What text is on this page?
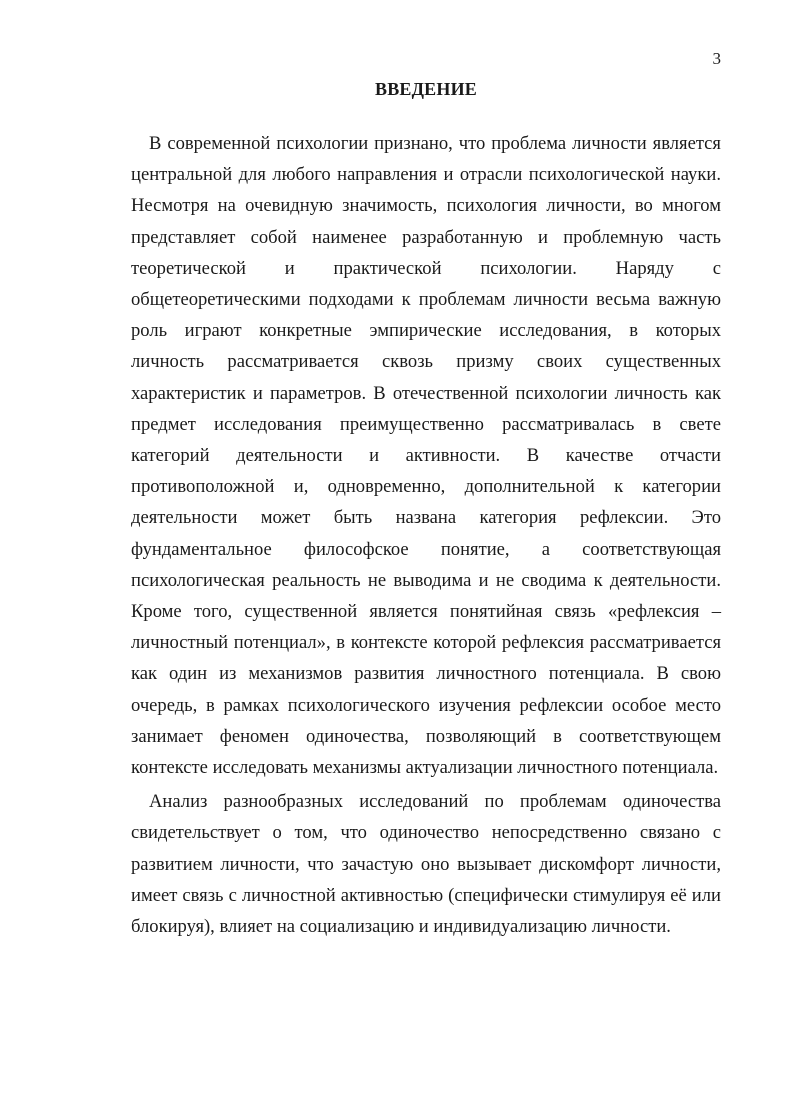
3
ВВЕДЕНИЕ

В современной психологии признано, что проблема личности является центральной для любого направления и отрасли психологической науки. Несмотря на очевидную значимость, психология личности, во многом представляет собой наименее разработанную и проблемную часть теоретической и практической психологии. Наряду с общетеоретическими подходами к проблемам личности весьма важную роль играют конкретные эмпирические исследования, в которых личность рассматривается сквозь призму своих существенных характеристик и параметров. В отечественной психологии личность как предмет исследования преимущественно рассматривалась в свете категорий деятельности и активности. В качестве отчасти противоположной и, одновременно, дополнительной к категории деятельности может быть названа категория рефлексии. Это фундаментальное философское понятие, а соответствующая психологическая реальность не выводима и не сводима к деятельности. Кроме того, существенной является понятийная связь «рефлексия – личностный потенциал», в контексте которой рефлексия рассматривается как один из механизмов развития личностного потенциала. В свою очередь, в рамках психологического изучения рефлексии особое место занимает феномен одиночества, позволяющий в соответствующем контексте исследовать механизмы актуализации личностного потенциала.

Анализ разнообразных исследований по проблемам одиночества свидетельствует о том, что одиночество непосредственно связано с развитием личности, что зачастую оно вызывает дискомфорт личности, имеет связь с личностной активностью (специфически стимулируя её или блокируя), влияет на социализацию и индивидуализацию личности.
